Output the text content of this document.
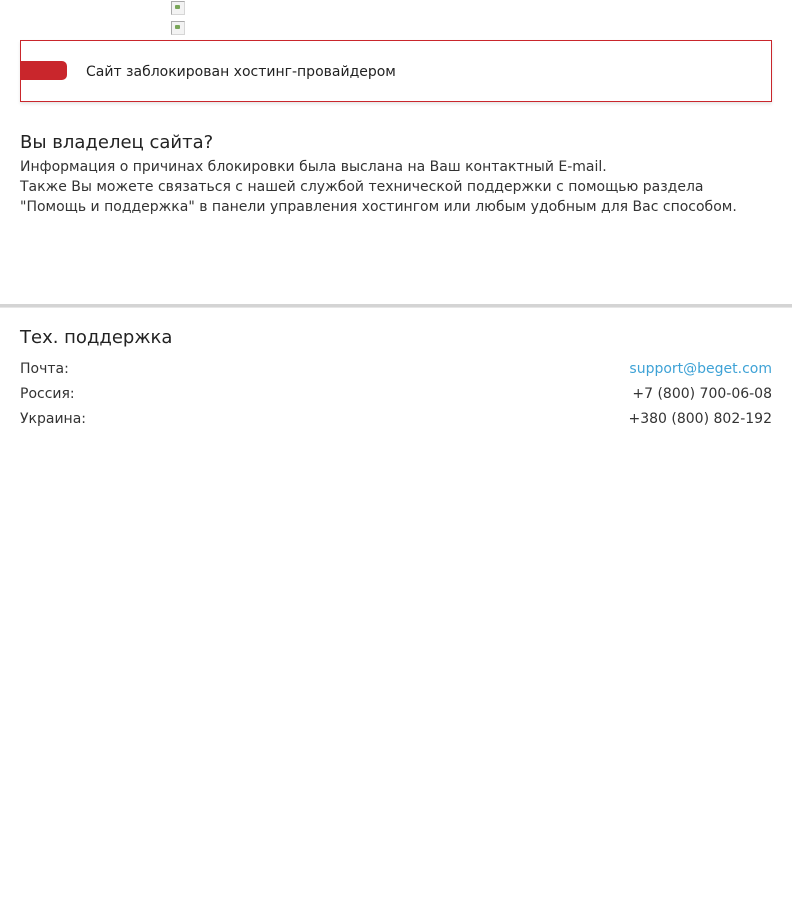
Сайт заблокирован хостинг-провайдером
Вы владелец сайта?

Информация о причинах блокировки была выслана на Ваш контактный E-mail.

Также Вы можете связаться с нашей службой технической поддержки с помощью раздела "Помощь и поддержка" в панели управления хостингом или любым удобным для Вас способом.

Тех. поддержка
Почта:	support@beget.com
Россия:	+7 (800) 700-06-08
Украина:	+380 (800) 802-192
